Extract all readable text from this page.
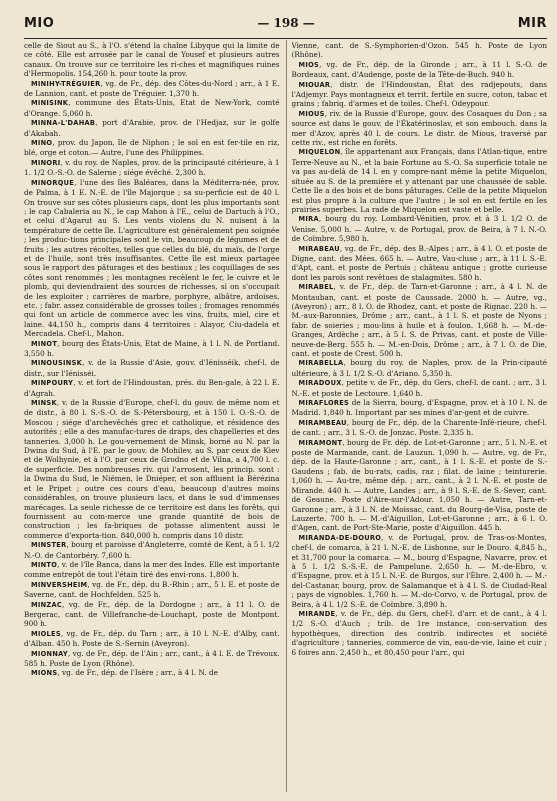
MIO	— 198 —	MIR

celle de Siout au S., à l'O. s'étend la chaîne Libyque qui la limite de ce côté. Elle est arrosée par le canal de Yousef et plusieurs autres canaux. On trouve sur ce territoire les ri-ches et magnifiques ruines d'Hermopolis. 154,260 h. pour toute la prov.

MINIHY-TRÉGUIER, vg. de Fr., dép. des Côtes-du-Nord ; arr., à 1 E. de Lannion, cant. et poste de Tréguier. 1,370 h.

MINISINK, commune des États-Unis, Etat de New-York, comté d'Orange. 5,060 h.

MINNA-L'DAHAB, port d'Arabie, prov. de l'Hedjaz, sur le golfe d'Akabah.

MINO, prov. du Japon, île de Niphon ; le sol en est fer-tile en riz, blé, orge et coton.— Autre, l'une des Philippines.

MINORI, v. du roy. de Naples, prov. de la principauté citérieure, à 1 1. 1/2 O.-S.-O. de Salerne ; siége évêché. 2,300 h.

MINORQUE, l'une des îles Baléares, dans la Méditerra-née, prov. de Palma, à 1 E. N.-E. de l'île Majorque ; sa su-perficie est de 40 l. On trouve sur ses côtes plusieurs caps, dont les plus importants sont : le cap Cabaleria au N., le cap Mahon à l'E., celui de Dartuch à l'O., et celui d'Agarut au S. Les vents violens du N. nuisent à la température de cette île. L'agriculture est généralement peu soignée ; les produc-tions principales sont le vin, beaucoup de légumes et de fruits ; les autres récoltes, telles que celles du blé, du maïs, de l'orge et de l'huile, sont très insuffisantes. Cette île est mieux partagée sous le rapport des pâturages et des bestiaux ; les coquillages de ses côtes sont renommés ; les montagnes recèlent le fer, le cuivre et le plomb, qui deviendraient des sources de richesses, si on s'occupait de les exploiter ; carrières de marbre, porphyre, albâtre, ardoises, etc. ; fabr. assez considérable de grosses toiles ; fromages renommés qui font un article de commerce avec les vins, fruits, miel, cire et laine. 44,150 h., compris dans 4 territoires : Alayor, Ciu-dadela et Mercadela. Chef-l., Mahon.

MINOT, bourg des États-Unis, Etat de Maine, à 1 l. N. de Portland. 3,550 h.

MINOUSINSK, v. de la Russie d'Asie, gouv. d'Iénisséik, chef-l. de distr., sur l'Iénisséi.

MINPOURY, v. et fort de l'Hindoustan, prés. du Ben-gale, à 22 l. E. d'Agrah.

MINSK, v. de la Russie d'Europe, chef-l. du gouv. de même nom et de distr., à 80 l. S.-S.-O. de S.-Pétersbourg, et à 150 l. O.-S.-O. de Moscou ; siége d'archevêchés grec et catholique, et résidence des autorités ; elle a des manufac-tures de draps, des chapelleries et des tanneries. 3,000 h. Le gou-vernement de Minsk, borné au N. par la Dwina du Sud, à l'E. par le gouv. de Mohilev, au S. par ceux de Kiev et de Wolhynie, et à l'O. par ceux de Grodno et de Vilna, a 4,700 l. c. de superficie. Des nombreuses riv. qui l'arrosent, les princip. sont : la Dwina du Sud, le Niémen, le Dniéper, et son affluent la Bérézina et le Pripet ; outre ces cours d'eau, beaucoup d'autres moins considérables, on trouve plusieurs lacs, et dans le sud d'immenses marécages. La seule richesse de ce territoire est dans les forêts, qui fournissent au com-merce une grande quantité de bois de construction ; les fa-briques de potasse alimentent aussi le commerce d'exporta-tion. 840,000 h. compris dans 10 distr.

MINSTER, bourg et paroisse d'Angleterre, comté de Kent, à 5 l. 1/2 N.-O. de Cantorbéry. 7,600 h.

MINTO, v. de l'île Banca, dans la mer des Indes. Elle est importante comme entrepôt de tout l'étain tiré des envi-rons. 1,800 h.

MINVERSHEIM, vg. de Fr., dép. du B.-Rhin ; arr., 5 l. E. et poste de Saverne, cant. de Hochfelden. 525 h.

MINZAC, vg. de Fr., dép. de la Dordogne ; arr., à 11 l. O. de Bergerac, cant. de Villefranche-de-Louchapt, poste de Montpont. 900 h.

MIOLES, vg. de Fr., dép. du Tarn ; arr., à 10 l. N.-E. d'Alby, cant. d'Alban. 450 h. Poste de S.-Sernin (Aveyron).

MIONNAY, vg. de Fr., dép. de l'Ain ; arr., cant., à 4 l. E. de Trévoux. 585 h. Poste de Lyon (Rhône).

MIONS, vg. de Fr., dép. de l'Isère ; arr., à 4 l. N. de

Vienne, cant. de S.-Symphorien-d'Ozon. 545 h. Poste de Lyon (Rhône).

MIOS, vg. de Fr., dép. de la Gironde ; arr., à 11 l. S.-O. de Bordeaux, cant. d'Audenge, poste de la Tête-de-Buch. 940 h.

MIOUAR, distr. de l'Hindoustan, État des radjepouts, dans l'Adjemyr. Pays montagneux et territ. fertile en sucre, coton, tabac et grains ; fabriq. d'armes et de toiles. Chef-l. Odeypour.

MIOUS, riv. de la Russie d'Europe, gouv. des Cosaques du Don ; sa source est dans le gouv. de l'Ékatérinoslav, et son embouch. dans la mer d'Azov, après 40 l. de cours. Le distr. de Mious, traversé par cette riv., est riche en forêts.

MIQUELON, île appartenant aux Français, dans l'Atlan-tique, entre Terre-Neuve au N., et la baie Fortune au S.-O. Sa superficie totale ne va pas au-delà de 14 l. en y compre-nant même la petite Miquelon, située au S. de la première et y attenant par une chaussée de sable. Cette île a des bois et de bons pâturages. Celle de la petite Miquelon est plus propre à la culture que l'autre ; le sol en est fertile en les prairies superbes. La rade de Miquelon est vaste et belle.

MIRA, bourg du roy. Lombard-Vénitien, prov. et à 3 l. 1/2 O. de Venise. 5,000 h. — Autre, v. de Portugal, prov. de Beira, à 7 l. N.-O. de Coïmbre. 5,980 h.

MIRABEAU, vg. de Fr., dép. des B.-Alpes ; arr., à 4 l. O. et poste de Digne, cant. des Mées. 665 h. — Autre, Vau-cluse ; arr., à 11 l. S.-E. d'Apt, cant. et poste de Pertuis ; château antique ; grotte curieuse dont les parois sont revêtues de stalagmites. 580 h.

MIRABEL, v. de Fr., dép. de Tarn-et-Garonne ; arr., à 4 l. N. de Montauban, cant. et poste de Caussade. 2000 h. — Autre, vg., (Aveyron) ; arr., 8 l. O. de Rhodez, cant. et poste de Rignac. 220 h. — M.-aux-Baronnies, Drôme ; arr., cant., à 1 l. S. et poste de Nyons ; fabr. de soieries ; mou-lins à huile et à foulon. 1,668 h. — M.-de-Granges, Ardèche ; arr., à 5 l. S. de Privas, cant. et poste de Ville-neuve-de-Berg. 555 h. — M.-en-Dois, Drôme ; arr., à 7 l. O. de Die, cant. et poste de Crest. 500 h.

MIRABELLA, bourg du roy. de Naples, prov. de la Prin-cipauté ultérieure, à 3 l. 1/2 S.-O. d'Ariano. 5,350 h.

MIRADOUX, petite v. de Fr., dép. du Gers, chef-l. de cant. ; arr., 3 l. N.-E. et poste de Lectoure. 1,640 h.

MIRAFLORES de la Sierra, bourg, d'Espagne, prov. et à 10 l. N. de Madrid. 1,840 h. Important par ses mines d'ar-gent et de cuivre.

MIRAMBEAU, bourg de Fr., dép. de la Charente-Infé-rieure, chef-l. de cant. ; arr., 3 l. S.-O. de Jonzac. Poste. 2,335 h.

MIRAMONT, bourg de Fr. dép. de Lot-et-Garonne ; arr., 5 l. N.-E. et poste de Marmande, cant. de Lauzun. 1,090 h. — Autre, vg. de Fr., dép. de la Haute-Garonne ; arr., cant., à 1 l. S.-E. et poste de S.-Gaudens ; fab. de bu-rats, cadis, raz ; filat. de laine ; teinturerie. 1,060 h. — Au-tre, même dép. ; arr., cant., à 2 l. N.-E. et poste de Mirande. 440 h. — Autre, Landes ; arr., à 9 l. S.-E. de S.-Sever, cant. de Geaune. Poste d'Aire-sur-l'Adour. 1,050 h. — Autre, Tarn-et-Garonne ; arr., à 3 l. N. de Moissac, cant. du Bourg-de-Visa, poste de Lauzerte. 700 h. — M.-d'Aiguillon, Lot-et-Garonne ; arr., à 6 l. O. d'Agen, cant. de Port-Ste-Marie, poste d'Aiguillon. 445 h.

MIRANDA-DE-DOURO, v. de Portugal, prov. de Tras-os-Montes, chef-l. de comarca, à 21 l. N.-E. de Lisbonne, sur le Douro. 4,845 h., et 31,700 pour la comarca. — M., bourg d'Espagne, Navarre, prov. et à 5 l. 1/2 S.-S.-E. de Pampelune. 2,650 h. — M.-de-Ebro, v. d'Espagne, prov. et à 15 l. N.-E. de Burgos, sur l'Èbre. 2,400 h. — M.-del-Castanar, bourg, prov. de Salamanque et à 4 l. S. de Ciudad-Real ; pays de vignobles. 1,760 h. — M.-do-Corvo, v. de Portugal, prov. de Beira, à 4 l. 1/2 S.-E. de Coïmbre. 3,890 h.

MIRANDE, v. de Fr., dép. du Gers, chef-l. d'arr. et de cant., à 4 l. 1/2 S.-O. d'Auch ; trib. de 1re instance, con-servation des hypothèques, direction des contrib. indirectes et société d'agriculture ; tanneries, commerce de vin, eau-de-vie, laine et cuir ; 6 foires ann. 2,450 h., et 80,450 pour l'arr., qui
